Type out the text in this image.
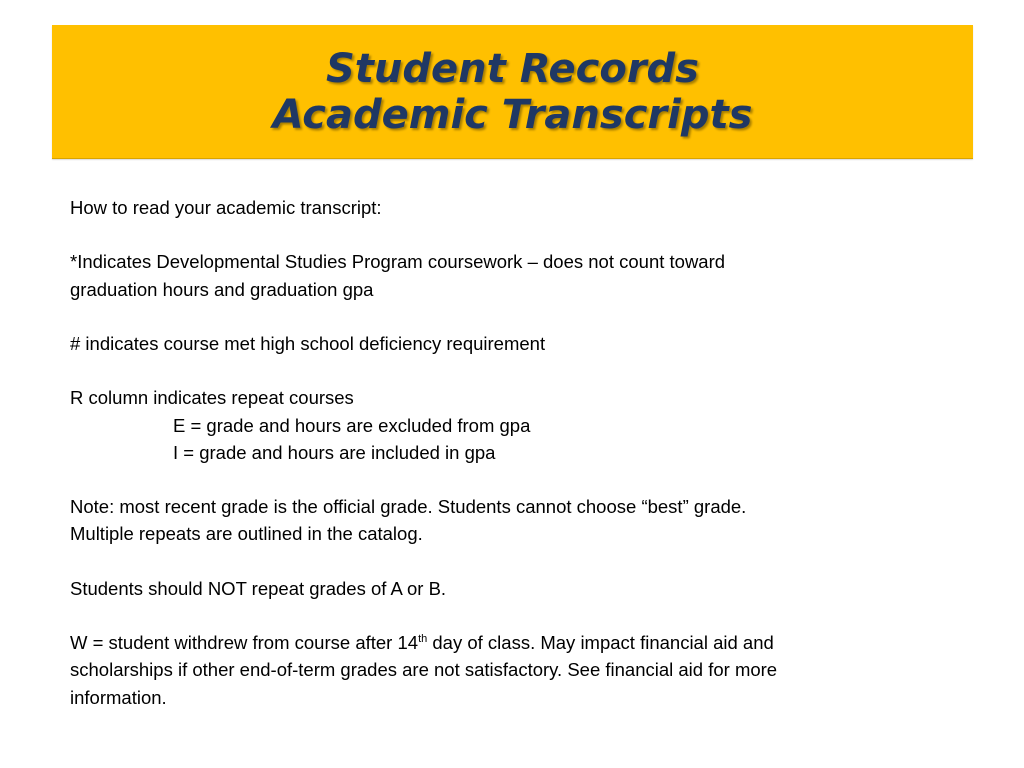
Student Records
Academic Transcripts
How to read your academic transcript:
*Indicates Developmental Studies Program coursework – does not count toward
graduation hours and graduation gpa
# indicates course met high school deficiency requirement
R column indicates repeat courses
E = grade and hours are excluded from gpa
I = grade and hours are included in gpa
Note: most recent grade is the official grade. Students cannot choose “best” grade.
Multiple repeats are outlined in the catalog.
Students should NOT repeat grades of A or B.
W = student withdrew from course after 14th day of class. May impact financial aid and
scholarships if other end-of-term grades are not satisfactory. See financial aid for more
information.
